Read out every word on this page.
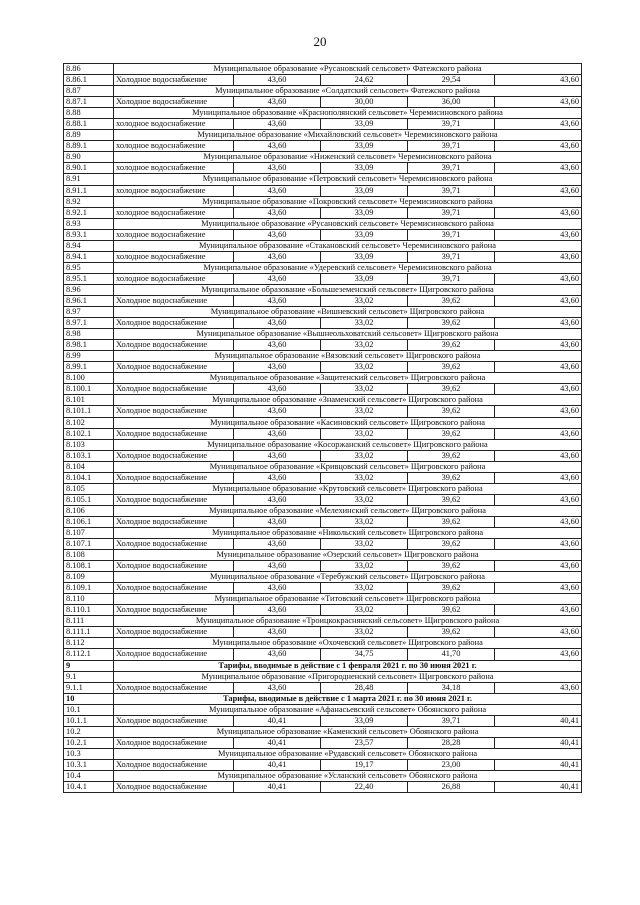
20
8.86	Муниципальное образование «Русановский сельсовет» Фатежского района				
8.86.1	Холодное водоснабжение	43,60	24,62	29,54	43,60
8.87	Муниципальное образование «Солдатский сельсовет» Фатежского района				
8.87.1	Холодное водоснабжение	43,60	30,00	36,00	43,60
8.88	Муниципальное образование «Краснополянский сельсовет» Черемисиновского района				
8.88.1	холодное водоснабжение	43,60	33,09	39,71	43,60
8.89	Муниципальное образование «Михайловский сельсовет» Черемисиновского района				
8.89.1	холодное водоснабжение	43,60	33,09	39,71	43,60
8.90	Муниципальное образование «Ниженский сельсовет» Черемисиновского района				
8.90.1	холодное водоснабжение	43,60	33,09	39,71	43,60
8.91	Муниципальное образование «Петровский сельсовет» Черемисиновского района				
8.91.1	холодное водоснабжение	43,60	33,09	39,71	43,60
8.92	Муниципальное образование «Покровский сельсовет» Черемисиновского района				
8.92.1	холодное водоснабжение	43,60	33,09	39,71	43,60
8.93	Муниципальное образование «Русановский сельсовет» Черемисиновского района				
8.93.1	холодное водоснабжение	43,60	33,09	39,71	43,60
8.94	Муниципальное образование «Стакановский сельсовет» Черемисиновского района				
8.94.1	холодное водоснабжение	43,60	33,09	39,71	43,60
8.95	Муниципальное образование «Удеревский сельсовет» Черемисиновского района				
8.95.1	холодное водоснабжение	43,60	33,09	39,71	43,60
8.96	Муниципальное образование «Большеземенский сельсовет» Щигровского района				
8.96.1	Холодное водоснабжение	43,60	33,02	39,62	43,60
8.97	Муниципальное образование «Вишневский сельсовет» Щигровского района				
8.97.1	Холодное водоснабжение	43,60	33,02	39,62	43,60
8.98	Муниципальное образование «Вышнеольховатский сельсовет» Щигровского района				
8.98.1	Холодное водоснабжение	43,60	33,02	39,62	43,60
8.99	Муниципальное образование «Вязовский сельсовет» Щигровского района				
8.99.1	Холодное водоснабжение	43,60	33,02	39,62	43,60
8.100	Муниципальное образование «Защитенский сельсовет» Щигровского района				
8.100.1	Холодное водоснабжение	43,60	33,02	39,62	43,60
8.101	Муниципальное образование «Знаменский сельсовет» Щигровского района				
8.101.1	Холодное водоснабжение	43,60	33,02	39,62	43,60
8.102	Муниципальное образование «Касиновский сельсовет» Щигровского района				
8.102.1	Холодное водоснабжение	43,60	33,02	39,62	43,60
8.103	Муниципальное образование «Косоржанский сельсовет» Щигровского района				
8.103.1	Холодное водоснабжение	43,60	33,02	39,62	43,60
8.104	Муниципальное образование «Кривцовский сельсовет» Щигровского района				
8.104.1	Холодное водоснабжение	43,60	33,02	39,62	43,60
8.105	Муниципальное образование «Крутовский сельсовет» Щигровского района				
8.105.1	Холодное водоснабжение	43,60	33,02	39,62	43,60
8.106	Муниципальное образование «Мелехинский сельсовет» Щигровского района				
8.106.1	Холодное водоснабжение	43,60	33,02	39,62	43,60
8.107	Муниципальное образование «Никольский сельсовет» Щигровского района				
8.107.1	Холодное водоснабжение	43,60	33,02	39,62	43,60
8.108	Муниципальное образование «Озерский сельсовет» Щигровского района				
8.108.1	Холодное водоснабжение	43,60	33,02	39,62	43,60
8.109	Муниципальное образование «Теребужский сельсовет» Щигровского района				
8.109.1	Холодное водоснабжение	43,60	33,02	39,62	43,60
8.110	Муниципальное образование «Титовский сельсовет» Щигровского района				
8.110.1	Холодное водоснабжение	43,60	33,02	39,62	43,60
8.111	Муниципальное образование «Троицкокраснянский сельсовет» Щигровского района				
8.111.1	Холодное водоснабжение	43,60	33,02	39,62	43,60
8.112	Муниципальное образование «Охочевский сельсовет» Щигровского района				
8.112.1	Холодное водоснабжение	43,60	34,75	41,70	43,60
9	Тарифы, вводимые в действие с 1 февраля 2021 г. по 30 июня 2021 г.				
9.1	Муниципальное образование «Пригородненский сельсовет» Щигровского района				
9.1.1	Холодное водоснабжение	43,60	28,48	34,18	43,60
10	Тарифы, вводимые в действие с 1 марта 2021 г. по 30 июня 2021 г.				
10.1	Муниципальное образование «Афанасьевский сельсовет» Обоянского района				
10.1.1	Холодное водоснабжение	40,41	33,09	39,71	40,41
10.2	Муниципальное образование «Каменский сельсовет» Обоянского района				
10.2.1	Холодное водоснабжение	40,41	23,57	28,28	40,41
10.3	Муниципальное образование «Рудавский сельсовет» Обоянского района				
10.3.1	Холодное водоснабжение	40,41	19,17	23,00	40,41
10.4	Муниципальное образование «Усланский сельсовет» Обоянского района				
10.4.1	Холодное водоснабжение	40,41	22,40	26,88	40,41
